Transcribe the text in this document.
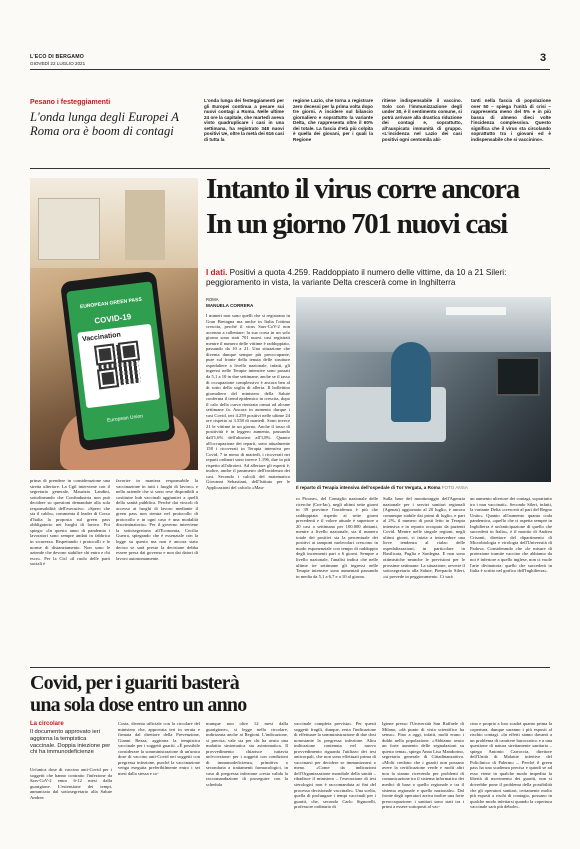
L'ECO DI BERGAMO
GIOVEDÌ 22 LUGLIO 2021	3
Pesano i festeggiamenti
L'onda lunga degli Europei A Roma ora è boom di contagi
L'onda lunga dei festeggiamenti per gli Europei continua a pesare sui nuovi contagi a Roma. Nelle ultime 24 ore la capitale, che martedì aveva visto quadruplicare i casi in una settimana, ha registrato 348 nuovi positivi Ue, oltre la metà dei 616 casi di tutta la
regione Lazio, che torna a registrare zero decessi per la prima volta dopo tre giorni. A incidere sul bilancio giornaliero e soprattutto la variante Delta, che rappresenta oltre il 60% dei totale. La fascia d'età più colpita è quella dei giovani, per i quali la Regione
ritiene indispensabile il vaccino. Solo con l'immunizzazione degli under 30, è il sentimento comune, si potrà arrivare alla drastica riduzione dei contagi e, soprattutto, all'auspicata immunità di gruppo. «L'incidenza nel Lazio dei casi positivi ogni centomila abi-
tanti nella fascia di popolazione over 50 – spiega l'unità di crisi – rappresenta meno del 5% e in più bassa di almeno dieci volte l'incidenza complessiva. Questo significa che il virus sta circolando soprattutto tra i giovani ed è indispensabile che si vaccinino».
EUROPEAN GREEN PASS
COVID-19
Vaccination
European Union
Intanto il virus corre ancora
In un giorno 701 nuovi casi
I dati. Positivi a quota 4.259. Raddoppiato il numero delle vittime, da 10 a 21 Sileri: peggioramento in vista, la variante Delta crescerà come in Inghilterra
ROMA
MANUELA CORRERA
I numeri non sono quelli che si registrano in Gran Bretagna ma anche in Italia l'ottima crescita, perché il virus Sars-CoV-2 non accenna a rallentare: la sua corsa in un solo giorno sono stati 701 nuovi casi registrati mentre il numero delle vittime è raddoppiato, passando da 10 a 21. Una situazione che diventa dunque sempre più preoccupante, pure sul fronte della tenuta delle strutture ospedaliere a livello nazionale, infatti, gli ingressi nelle Terapie intensive sono passati da 5,1 a 10 in due settimane, anche se il tasso di occupazione complessivo è ancora ben al di sotto della soglia di allerta. Il bollettino giornaliero del ministero della Salute conferma il trend epidemico in crescita, dopo il calo della curva rientrata ormai ad alcune settimane fa. Ancora in aumento durque i casi Covid, ieri 4.259 positivi nelle ultime 24 ore rispetto ai 3.558 di martedì. Sono invece 21 le vittime in un giorno. Anche il tasso di positività è in leggero aumento, passando dall'1,6% dell'altroieri all'1,8%. Quanto all'occupazione dei reparti, sono attualmente 158 i ricoverati in Terapia intensiva per Covid, 7 in meno di martedì, i ricoverati nei reparti ordinari sono invece 1.196, due in più rispetto all'altroieri. Ad allertare gli esperti è, inoltre, anche il parametro dell'incidenza dei casi. Secondo i calcoli del matematico Giovanni Sebastiani, dell'Istituto per le Applicazioni del calcolo «Mau-	Il reparto di Terapia intensiva dell'ospedale di Tor Vergata, a Roma FOTO ANSA
ro Picone», del Consiglio nazionale delle ricerche (Cnr-Iac), negli ultimi sette giorni in 39 province l'incidenza è più che raddoppiata rispetto ai sette giorni precedenti e il valore attuale è superiore a 20 casi a settimana per 100.000 abitanti, mentre a livello nazionale, sia il numero totale dei positivi sia la percentuale dei positivi ai tamponi molecolari crescono in modo esponenziale con tempo di raddoppio degli incrementi pari a 6 giorni. Sempre a livello nazionale, l'analisi indica che nelle ultime tre settimane gli ingressi nelle Terapie intensive sono aumentati passando in media da 5,1 a 6,7 e a 10 al giorno.
Sulla base del monitoraggio dell'Agenzia nazionale per i servizi sanitari regionali (Agenas) aggiornato al 20 luglio, è ancora comunque stabile dai primi di luglio, e pari al 2%, il numero di posti letto in Terapia intensiva e in reparto occupato da pazienti Covid. Mentre nelle singole regioni, negli ultimi giorni, si inizia a intravedere una lieve tendenza al rialzo delle ospedalizzazioni, in particolare in Basilicata, Puglia e Sardegna. E non sono ottimistiche neanche le previsioni per le prossime settimane. La situazione, avverte il sottosegretario alla Salute, Pierpaolo Sileri, «si prevede in peggioramento. Ci sarà
un aumento ulteriore dei contagi, soprattutto tra i non vaccinati». Secondo Sileri, infatti, la variante Delta «crescerà al pari del Regno Unito» Quanto all'aumento quanta coda pandemica, «quello che ci aspetta sempre in Inghilterra è un'anticipazione di quello che succederà in Italia», è il monito di Andrea Crisanti, direttore del dipartimento di Microbiologia e virologia dell'Università di Padova. Considerando che «le misure di protezione tramite vaccino che abbiamo da noi è inferiore a quello inglese, non ci vuole l'arte divinatoria: quello che succederà in Italia è scritto nel grafico dell'Inghilterra».
prima di prendere in considerazione una stretta ulteriore. La Cgil interviene con il segretario generale, Maurizio Landini, sottolineando che Confindustria non può decidere su questioni demandate alla sola responsabilità dell'esecutivo. «Spero che sia il caldo», commenta il leader di Corso d'Italia la proposta sul green pass obbligatorio nei luoghi di lavoro. Poi spiega: «In questo anno di pandemia i lavoratori sono sempre andati in fabbrica in sicurezza. Rispettando i protocolli e le norme di distanziamento. Non sono le aziende che devono stabilire chi entra e chi esce». Per la Cisl «il ruolo delle parti sociali è
favorire in maniera responsabile la vaccinazione in tutti i luoghi di lavoro» e nella aziende che si sono rese disponibili a costituire hub vaccinali aggiuntivi a quelli della sanità pubblica. Perché dai vincoli di accesso ai luoghi di lavoro mediante il green pass non rientra nel protocollo di protocollo e in ogni caso è una modalità discriminatoria». Per il governo interviene la sottosegretaria all'Economia, Cecilia Guerra, spiegando che è essenziale con la legge su questo ma non è ancora stato deciso se sarà presto la decisione debba essere presa dai governo e non dai datori di lavoro autonomamente.
Covid, per i guariti basterà
una sola dose entro un anno
La circolare
Il documento approvato ieri aggiorna la tempistica vaccinale. Doppia iniezione per chi ha immunodeficienze
Un'unica dose di vaccino anti-Covid per i soggetti che hanno contratto l'infezione da Sars-CoV-2 entro 6-12 mesi dalla guarigione. L'estensione dei tempi, annunciata dal sottosegretario alla Salute Andrea
Costa, diventa ufficiale con la circolare del ministero che, approvata ieri in serata e firmata dal direttore della Prevenzione, Gianni Rezza, aggiorna la tempistica vaccinale per i soggetti guariti. «È possibile considerare la somministrazione di un'unica dose di vaccino anti-Covid nei soggetti con pregressa infezione, purché la vaccinazione venga eseguita preferibilmente entro i sei mesi dalla stessa e co-
munque non oltre 12 mesi dalla guarigione», si legge nella circolare, indirizzata anche ai Regioni. L'indicazione, si precisa, vale sia per chi ha avuto una malattia sintomatica sia asintomatica. Il provvedimento chiarisce tuttavia un'eccezione: per i soggetti con condizioni di immunodeficienza, primitiva o secondaria a trattamenti farmacologici, in caso di pregressa infezione «resta valida la raccomandazione di proseguire con la schedula
vaccinale completa prevista». Per questi soggetti fragili, dunque, resta l'indicazione di effettuare la somministrazione di due dosi nonostante la pregressa infezione. Altra indicazione contenuta nel nuovo provvedimento riguarda l'utilizzo dei test anticorpali, che non sono effettuati prima di vaccinarsi per decidere se immunizzarsi o meno. «Come da indicazioni dell'Organizzazione mondiale della sanità – ribadisce il ministero – l'esecuzione di test sierologici non è raccomandata ai fini del processo decisionale vaccinale». Una scelta, quella di prolungare i tempi vaccinali per i guariti, che, secondo Carlo Signorelli, professore ordinario di
Igiene presso l'Università San Raffaele di Milano, «dà punto di vista scientifico ha senso». Fino a oggi, infatti, molti erano i dubbi nella popolazione. «Abbiamo avuto un forte aumento delle segnalazioni su questo tema», spiega Anna Lisa Mandorino, segretaria generale di Cittadinanzattiva. «Molti credono che i guariti non possano avere la certificazione verde e molti altri non la stanno ricevendo per problemi di comunicazione tra il sistema informatico dei medici di base o quello regionale e tra il sistema regionale e quello nazionale». Dal fronte degli operatori arriva inoltre una forte preoccupazione: i sanitari sono stati tra i primi a essere sottoposti al vac-
cino e proprio a loro scadrà quanto prima la copertura, dunque saranno i più esposti al rischio contagi. «In effetti siamo davanti a un problema di carattere burocratico e a una questione di natura strettamente sanitaria – spiega Antonio Carroccia, direttore dell'Unità di Malattie infettive del Policlinico di Palermo –. Perché il green pass ha una scadenza precisa e quindi se ad esso viene in qualche modo impedita la libertà di movimento dei guariti, non si dovrebbe pone il problema della possibilità che gli operatori sanitari, certamente molto più esposti a rischi di contagio, possano in qualche modo infettarsi quando la copertura vaccinale sarà più debole».
